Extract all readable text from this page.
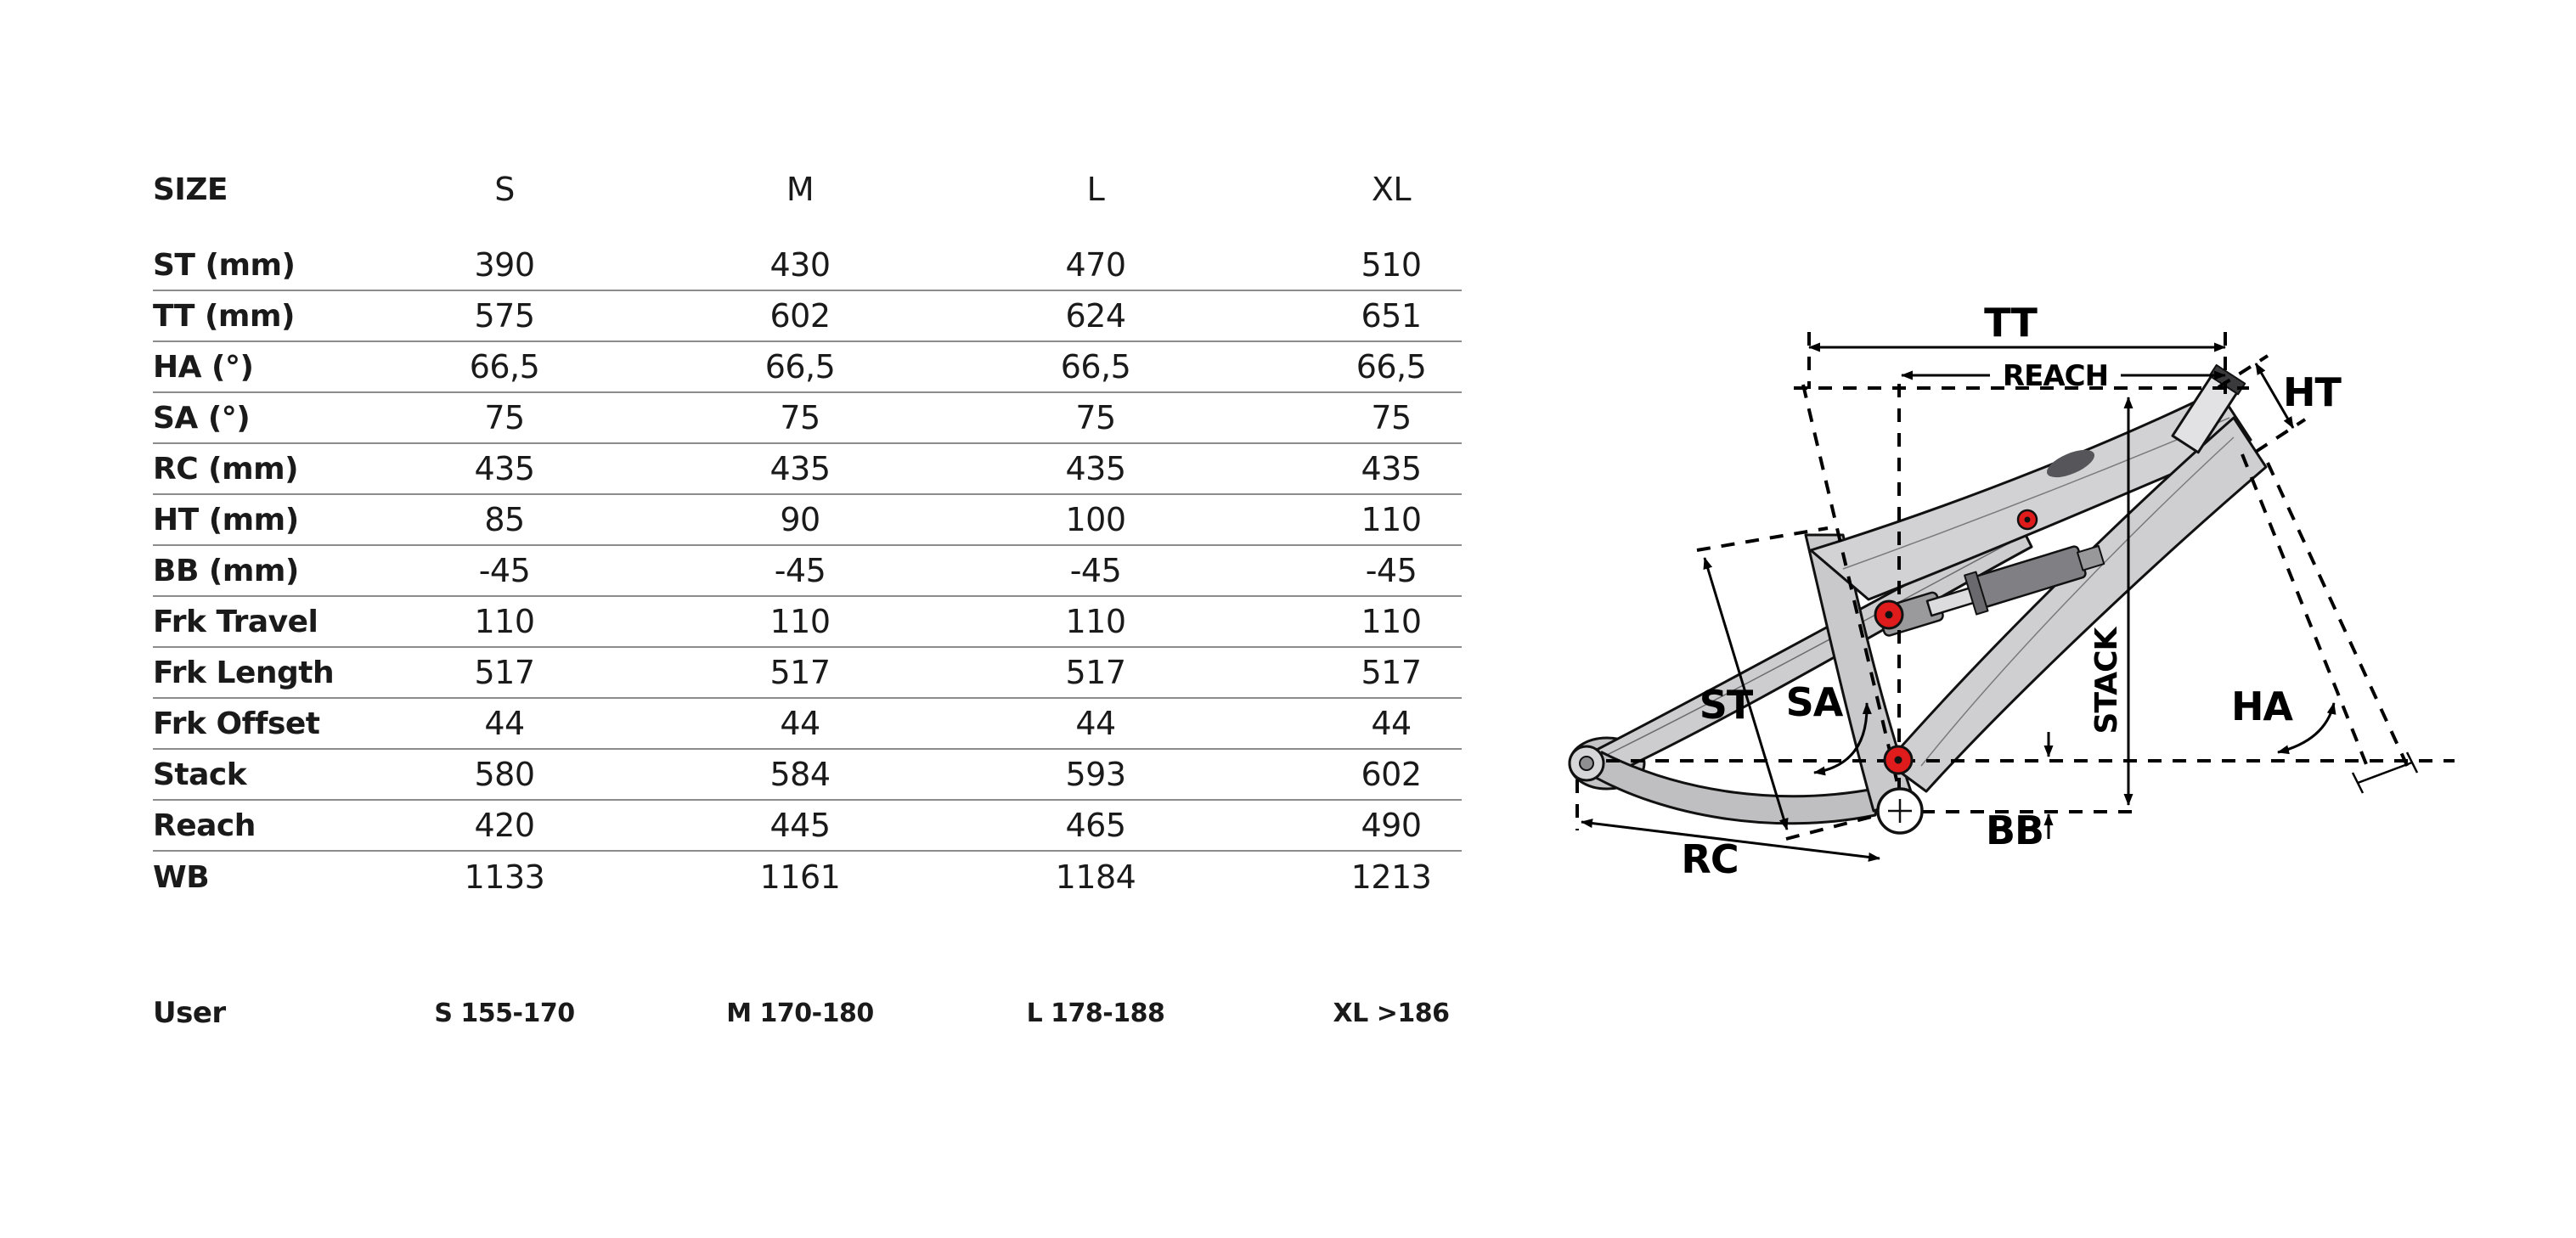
TT
REACH
ST SA
BB
RC
STACK
HT
HA
SIZE	S	M	L	XL
ST (mm)	390	430	470	510
TT (mm)	575	602	624	651
HA (°)	66,5	66,5	66,5	66,5
SA (°)	75	75	75	75
RC (mm)	435	435	435	435
HT (mm)	85	90	100	110
BB (mm)	-45	-45	-45	-45
Frk Travel	110	110	110	110
Frk Length	517	517	517	517
Frk Offset	44	44	44	44
Stack	580	584	593	602
Reach	420	445	465	490
WB	1133	1161	1184	1213
User	S 155-170	M 170-180	L 178-188	XL >186
